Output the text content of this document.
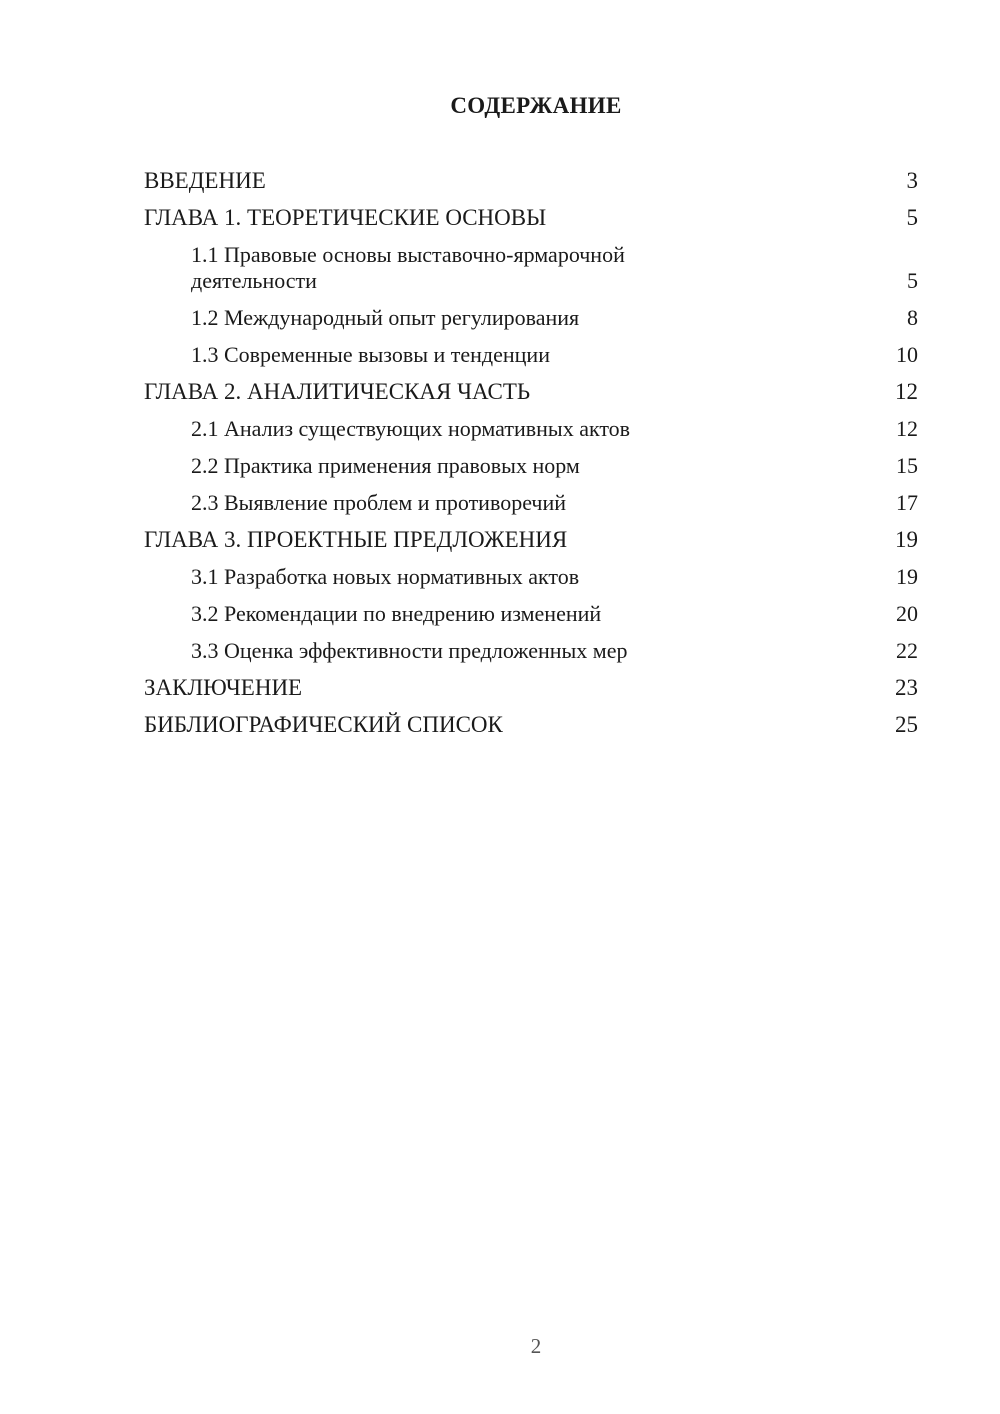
СОДЕРЖАНИЕ
ВВЕДЕНИЕ	3
ГЛАВА 1. ТЕОРЕТИЧЕСКИЕ ОСНОВЫ	5
1.1 Правовые основы выставочно-ярмарочной деятельности	5
1.2 Международный опыт регулирования	8
1.3 Современные вызовы и тенденции	10
ГЛАВА 2. АНАЛИТИЧЕСКАЯ ЧАСТЬ	12
2.1 Анализ существующих нормативных актов	12
2.2 Практика применения правовых норм	15
2.3 Выявление проблем и противоречий	17
ГЛАВА 3. ПРОЕКТНЫЕ ПРЕДЛОЖЕНИЯ	19
3.1 Разработка новых нормативных актов	19
3.2 Рекомендации по внедрению изменений	20
3.3 Оценка эффективности предложенных мер	22
ЗАКЛЮЧЕНИЕ	23
БИБЛИОГРАФИЧЕСКИЙ СПИСОК	25
2
